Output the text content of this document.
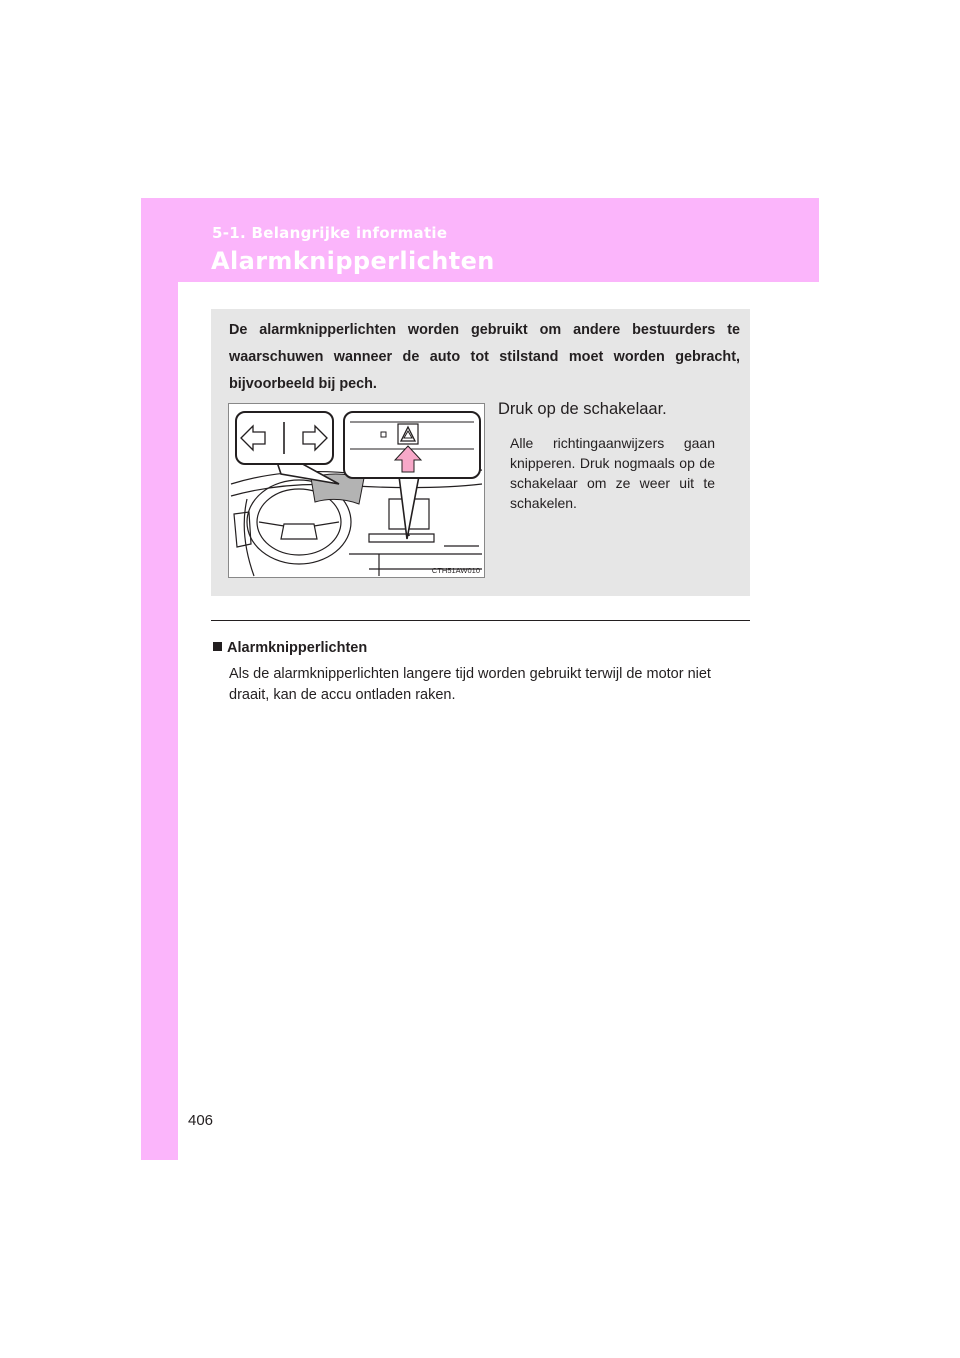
5-1. Belangrijke informatie
Alarmknipperlichten
De alarmknipperlichten worden gebruikt om andere bestuurders te waarschuwen wanneer de auto tot stilstand moet worden gebracht, bijvoorbeeld bij pech.
CTH51AW010
Druk op de schakelaar.
Alle richtingaanwijzers gaan knipperen. Druk nogmaals op de schakelaar om ze weer uit te schakelen.
Alarmknipperlichten
Als de alarmknipperlichten langere tijd worden gebruikt terwijl de motor niet draait, kan de accu ontladen raken.
406
